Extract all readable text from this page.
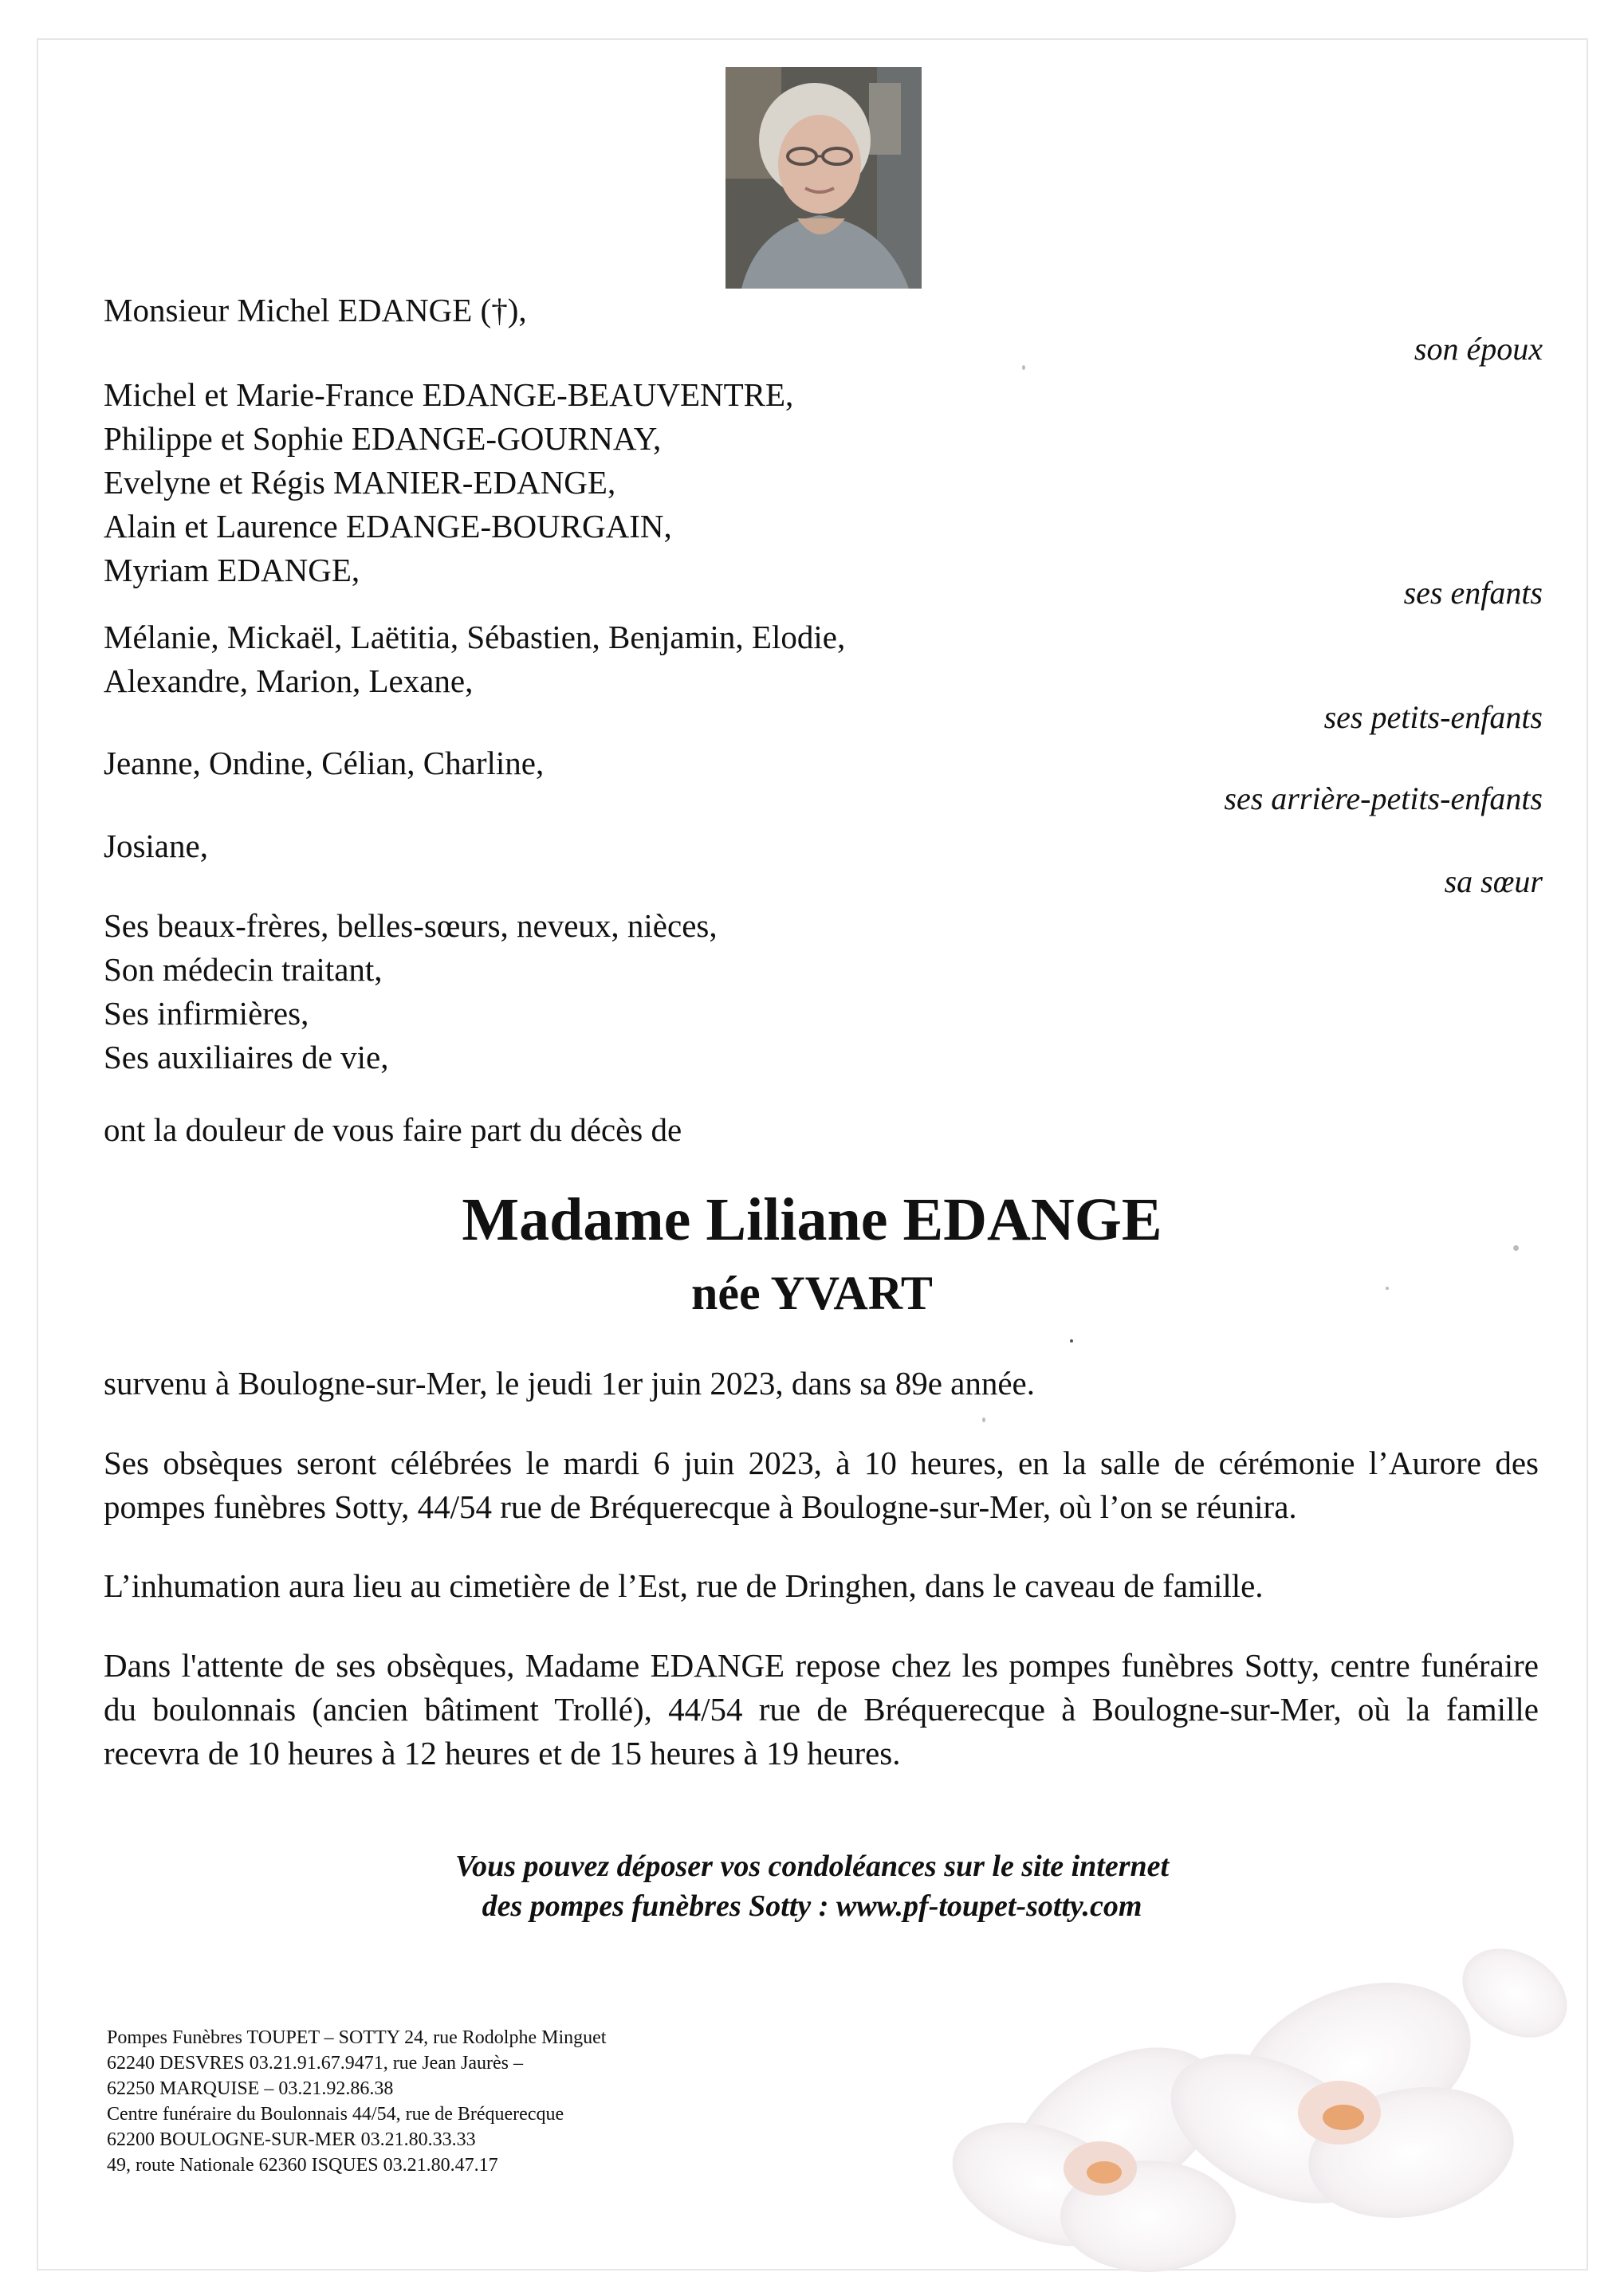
Monsieur Michel EDANGE (†),
Michel et Marie-France EDANGE-BEAUVENTRE,
Philippe et Sophie EDANGE-GOURNAY,
Evelyne et Régis MANIER-EDANGE,
Alain et Laurence EDANGE-BOURGAIN,
Myriam EDANGE,
Mélanie, Mickaël, Laëtitia, Sébastien, Benjamin, Elodie,
Alexandre, Marion, Lexane,
Jeanne, Ondine, Célian, Charline,
Josiane,
Ses beaux-frères, belles-sœurs, neveux, nièces,
Son médecin traitant,
Ses infirmières,
Ses auxiliaires de vie,
son époux
ses enfants
ses petits-enfants
ses arrière-petits-enfants
sa sœur
ont la douleur de vous faire part du décès de
Madame Liliane EDANGE
née YVART
survenu à Boulogne-sur-Mer, le jeudi 1er juin 2023, dans sa 89e année.
Ses obsèques seront célébrées le mardi 6 juin 2023, à 10 heures, en la salle de cérémonie l’Aurore des pompes funèbres Sotty, 44/54 rue de Bréquerecque à Boulogne-sur-Mer, où l’on se réunira.
L’inhumation aura lieu au cimetière de l’Est, rue de Dringhen, dans le caveau de famille.
Dans l'attente de ses obsèques, Madame EDANGE repose chez les pompes funèbres Sotty, centre funéraire du boulonnais (ancien bâtiment Trollé), 44/54 rue de Bréquerecque à Boulogne-sur-Mer, où la famille recevra de 10 heures à 12 heures et de 15 heures à 19 heures.
Vous pouvez déposer vos condoléances sur le site internet
des pompes funèbres Sotty : www.pf-toupet-sotty.com
Pompes Funèbres TOUPET – SOTTY 24, rue Rodolphe Minguet
62240 DESVRES 03.21.91.67.9471, rue Jean Jaurès –
62250 MARQUISE – 03.21.92.86.38
Centre funéraire du Boulonnais 44/54, rue de Bréquerecque
62200 BOULOGNE-SUR-MER 03.21.80.33.33
49, route Nationale 62360 ISQUES 03.21.80.47.17
